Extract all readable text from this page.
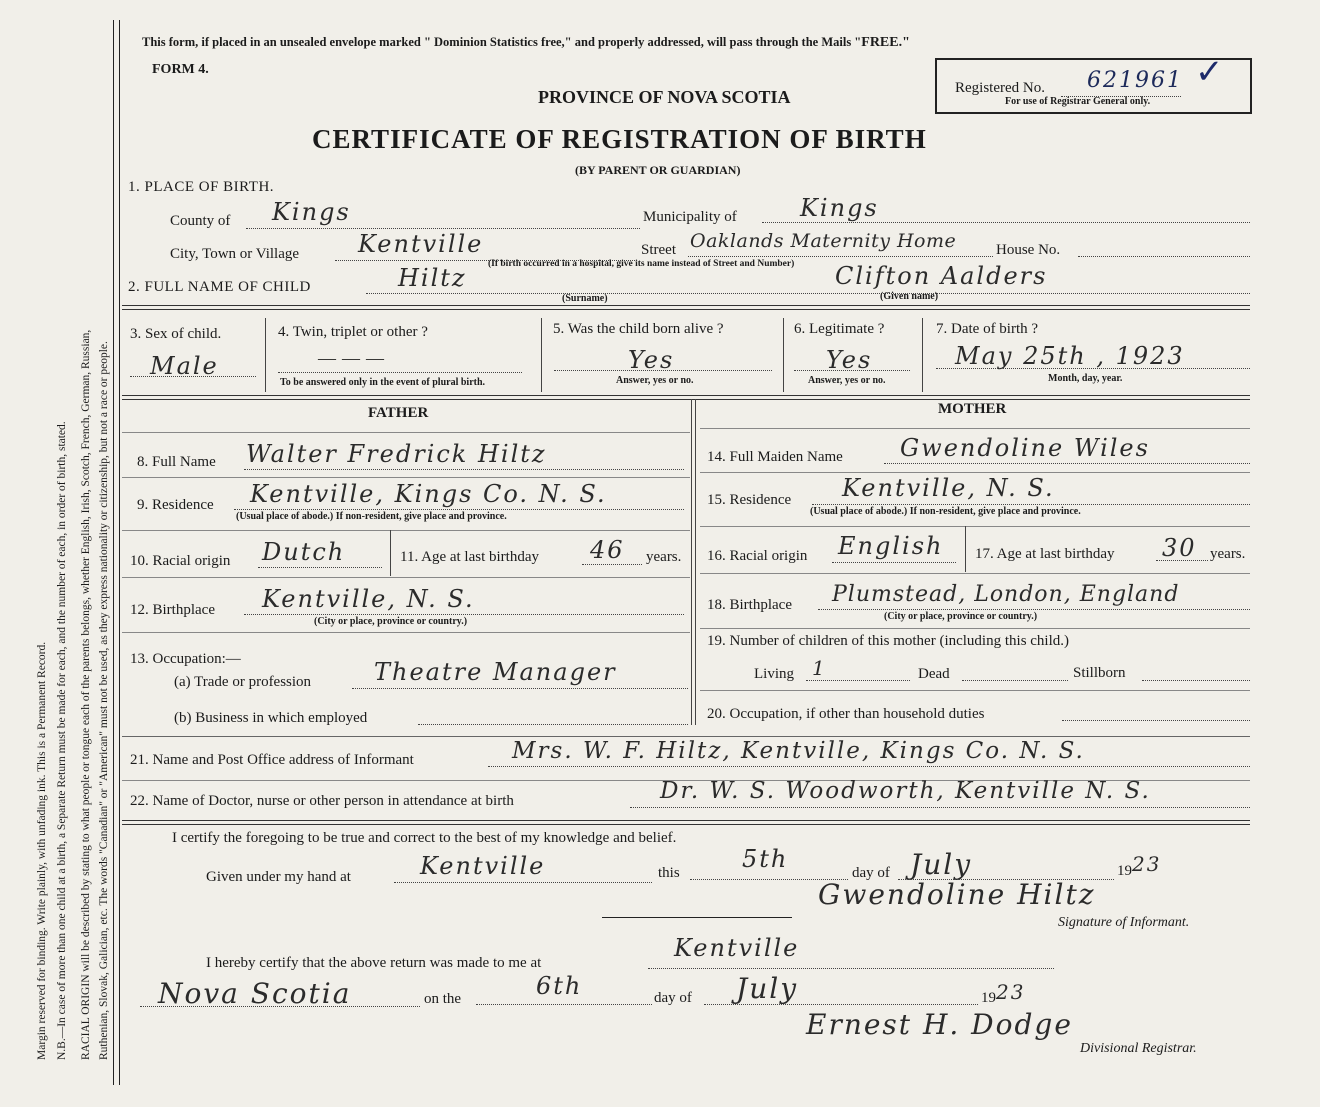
Margin reserved for binding. Write plainly, with unfading ink. This is a Permanent Record. N.B.—In case of more than one child at a birth, a Separate Return must be made for each, and the number of each, in order of birth, stated. RACIAL ORIGIN will be described by stating to what people or tongue each of the parents belongs, whether English, Irish, Scotch, French, German, Russian, Ruthenian, Slovak, Galician, etc. The words "Canadian" or "American" must not be used, as they express nationality or citizenship, but not a race or people.
This form, if placed in an unsealed envelope marked " Dominion Statistics free," and properly addressed, will pass through the Mails "FREE."
FORM 4.
PROVINCE OF NOVA SCOTIA
CERTIFICATE OF REGISTRATION OF BIRTH
(BY PARENT OR GUARDIAN)
Registered No. 621961
For use of Registrar General only.
✓
1. PLACE OF BIRTH.
County of Kings	Municipality of	Kings
City, Town or Village Kentville	Street Oaklands Maternity Home	House No.
(If birth occurred in a hospital, give its name instead of Street and Number)
2. FULL NAME OF CHILD	Hiltz	Clifton Aalders
(Surname)	(Given name)
3. Sex of child.
Male
4. Twin, triplet or other ?
———
To be answered only in the event of plural birth.
5. Was the child born alive ?
Yes
Answer, yes or no.
6. Legitimate ?
Yes
Answer, yes or no.
7. Date of birth ?
May 25th , 1923
Month, day, year.
FATHER
8. Full Name Walter Fredrick Hiltz
9. Residence Kentville, Kings Co. N. S.
(Usual place of abode.) If non-resident, give place and province.
10. Racial origin Dutch	11. Age at last birthday 46 years.
12. Birthplace Kentville, N. S.
(City or place, province or country.)
13. Occupation:—
(a) Trade or profession	Theatre Manager
(b) Business in which employed
MOTHER
14. Full Maiden Name Gwendoline Wiles
15. Residence Kentville, N. S.
(Usual place of abode.) If non-resident, give place and province.
16. Racial origin English 17. Age at last birthday 30 years.
18. Birthplace Plumstead, London, England
(City or place, province or country.)
19. Number of children of this mother (including this child.)
Living 1	Dead	Stillborn
20. Occupation, if other than household duties
21. Name and Post Office address of Informant	Mrs. W. F. Hiltz, Kentville, Kings Co. N. S.
22. Name of Doctor, nurse or other person in attendance at birth	Dr. W. S. Woodworth, Kentville N. S.
I certify the foregoing to be true and correct to the best of my knowledge and belief.
Given under my hand at	Kentville	this	5th	day of July	19 23
Gwendoline Hiltz
Signature of Informant.
I hereby certify that the above return was made to me at
Kentville
Nova Scotia	on the	6th	day of July	19 23
Ernest H. Dodge
Divisional Registrar.
